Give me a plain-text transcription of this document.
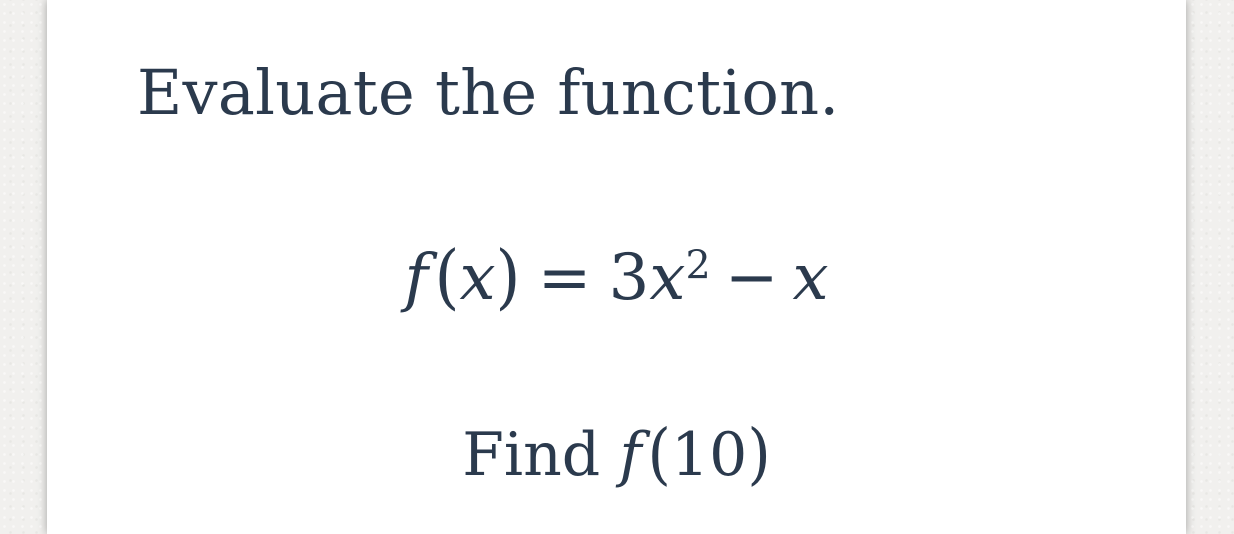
Evaluate the function.
$f(x) = 3x^2 - x$
Find f (10)
